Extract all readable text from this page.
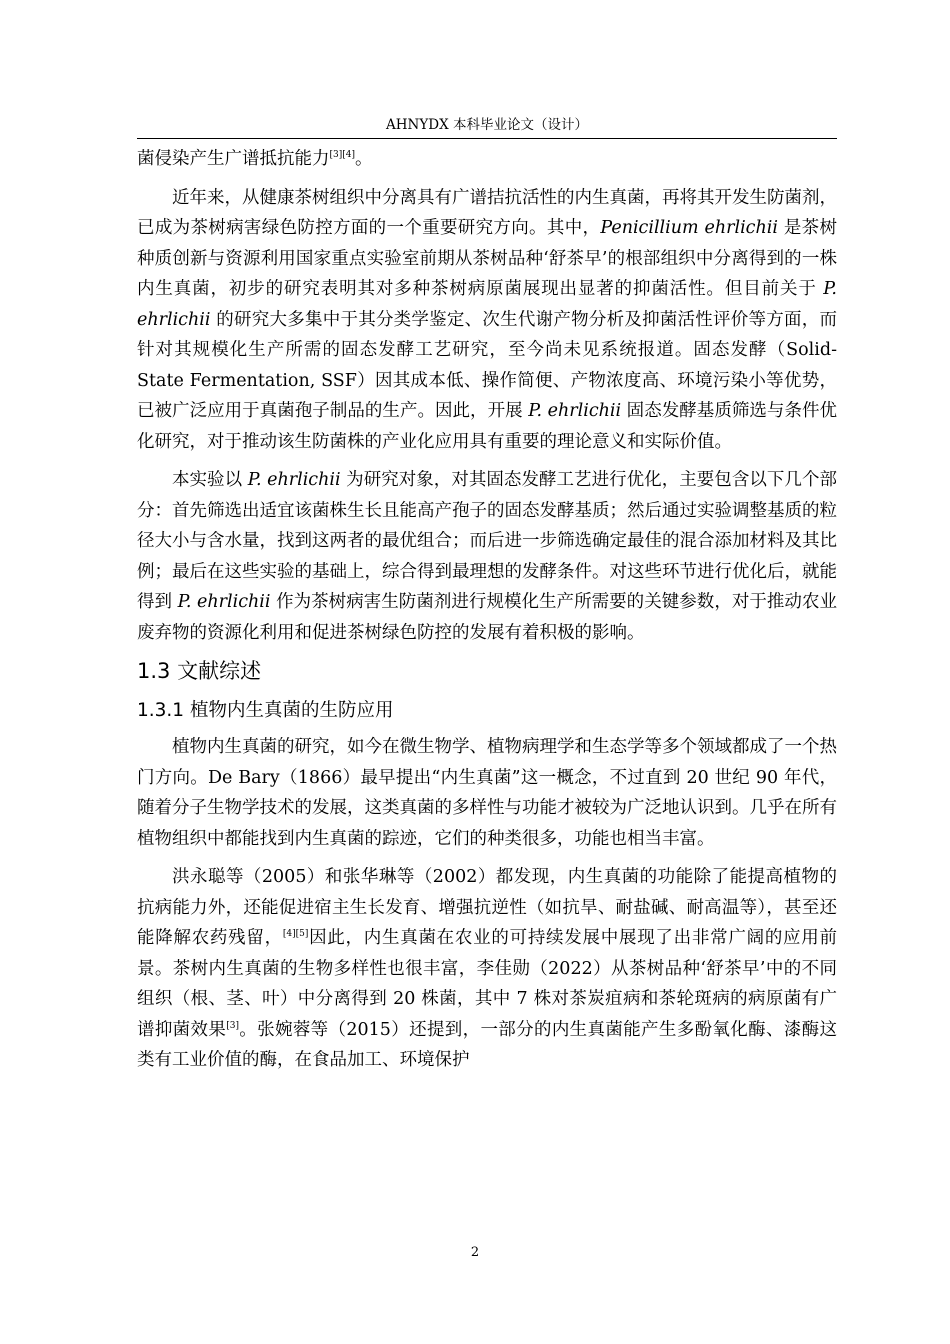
AHNYDX 本科毕业论文（设计）

菌侵染产生广谱抵抗能力[3][4]。

近年来，从健康茶树组织中分离具有广谱拮抗活性的内生真菌，再将其开发生防菌剂，已成为茶树病害绿色防控方面的一个重要研究方向。其中，Penicillium ehrlichii 是茶树种质创新与资源利用国家重点实验室前期从茶树品种‘舒茶早’的根部组织中分离得到的一株内生真菌，初步的研究表明其对多种茶树病原菌展现出显著的抑菌活性。但目前关于 P. ehrlichii 的研究大多集中于其分类学鉴定、次生代谢产物分析及抑菌活性评价等方面，而针对其规模化生产所需的固态发酵工艺研究，至今尚未见系统报道。固态发酵（Solid-State Fermentation, SSF）因其成本低、操作简便、产物浓度高、环境污染小等优势，已被广泛应用于真菌孢子制品的生产。因此，开展 P. ehrlichii 固态发酵基质筛选与条件优化研究，对于推动该生防菌株的产业化应用具有重要的理论意义和实际价值。

本实验以 P. ehrlichii 为研究对象，对其固态发酵工艺进行优化，主要包含以下几个部分：首先筛选出适宜该菌株生长且能高产孢子的固态发酵基质；然后通过实验调整基质的粒径大小与含水量，找到这两者的最优组合；而后进一步筛选确定最佳的混合添加材料及其比例；最后在这些实验的基础上，综合得到最理想的发酵条件。对这些环节进行优化后，就能得到 P. ehrlichii 作为茶树病害生防菌剂进行规模化生产所需要的关键参数，对于推动农业废弃物的资源化利用和促进茶树绿色防控的发展有着积极的影响。

1.3 文献综述
1.3.1 植物内生真菌的生防应用

植物内生真菌的研究，如今在微生物学、植物病理学和生态学等多个领域都成了一个热门方向。De Bary（1866）最早提出“内生真菌”这一概念，不过直到 20 世纪 90 年代，随着分子生物学技术的发展，这类真菌的多样性与功能才被较为广泛地认识到。几乎在所有植物组织中都能找到内生真菌的踪迹，它们的种类很多，功能也相当丰富。

洪永聪等（2005）和张华琳等（2002）都发现，内生真菌的功能除了能提高植物的抗病能力外，还能促进宿主生长发育、增强抗逆性（如抗旱、耐盐碱、耐高温等），甚至还能降解农药残留，[4][5]因此，内生真菌在农业的可持续发展中展现了出非常广阔的应用前景。茶树内生真菌的生物多样性也很丰富，李佳勋（2022）从茶树品种‘舒茶早’中的不同组织（根、茎、叶）中分离得到 20 株菌，其中 7 株对茶炭疽病和茶轮斑病的病原菌有广谱抑菌效果[3]。张婉蓉等（2015）还提到，一部分的内生真菌能产生多酚氧化酶、漆酶这类有工业价值的酶，在食品加工、环境保护

2
